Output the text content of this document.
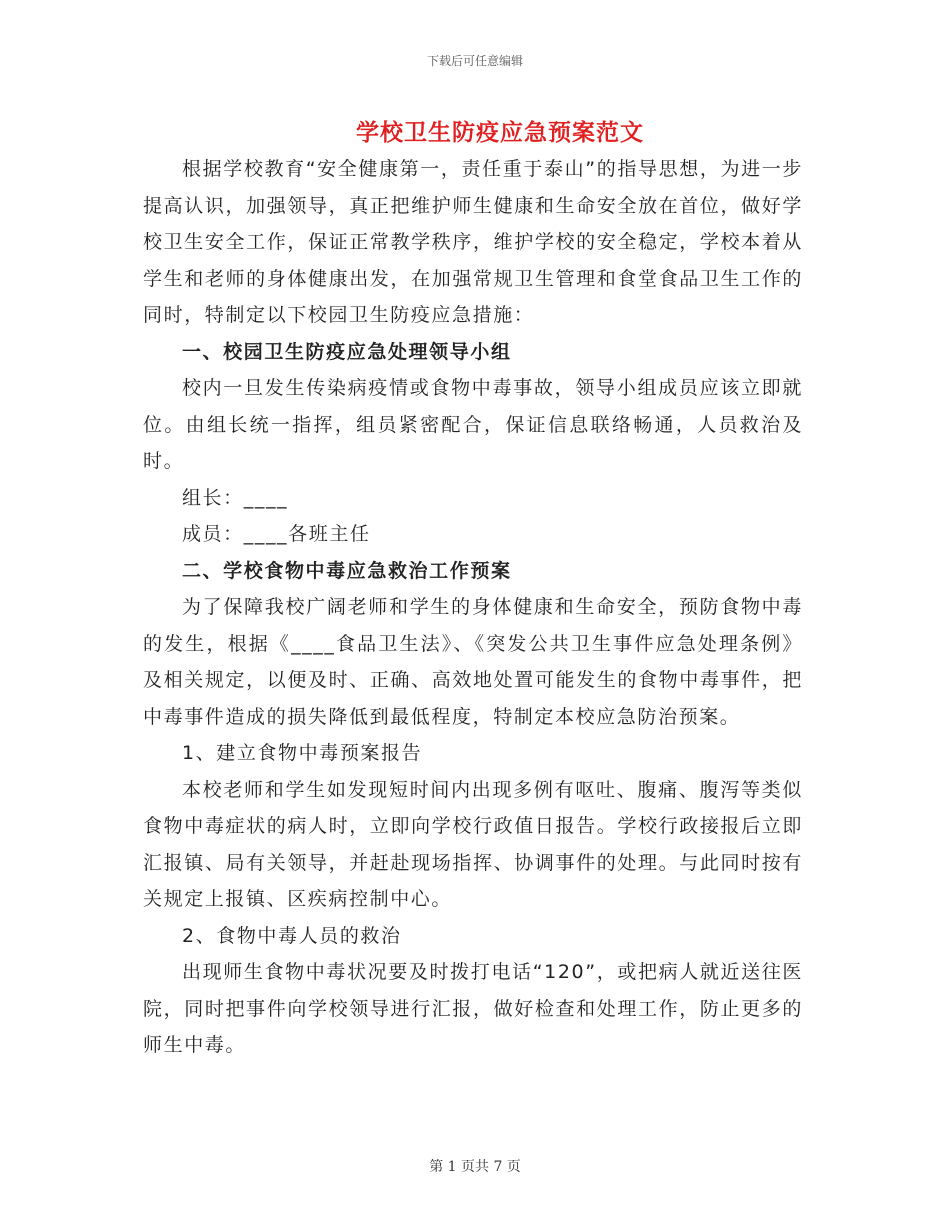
下载后可任意编辑
学校卫生防疫应急预案范文

根据学校教育“安全健康第一，责任重于泰山”的指导思想，为进一步提高认识，加强领导，真正把维护师生健康和生命安全放在首位，做好学校卫生安全工作，保证正常教学秩序，维护学校的安全稳定，学校本着从学生和老师的身体健康出发，在加强常规卫生管理和食堂食品卫生工作的同时，特制定以下校园卫生防疫应急措施：

一、校园卫生防疫应急处理领导小组

校内一旦发生传染病疫情或食物中毒事故，领导小组成员应该立即就位。由组长统一指挥，组员紧密配合，保证信息联络畅通，人员救治及时。

组长：____

成员：____各班主任

二、学校食物中毒应急救治工作预案

为了保障我校广阔老师和学生的身体健康和生命安全，预防食物中毒的发生，根据《____食品卫生法》、《突发公共卫生事件应急处理条例》及相关规定，以便及时、正确、高效地处置可能发生的食物中毒事件，把中毒事件造成的损失降低到最低程度，特制定本校应急防治预案。

1、建立食物中毒预案报告

本校老师和学生如发现短时间内出现多例有呕吐、腹痛、腹泻等类似食物中毒症状的病人时，立即向学校行政值日报告。学校行政接报后立即汇报镇、局有关领导，并赶赴现场指挥、协调事件的处理。与此同时按有关规定上报镇、区疾病控制中心。

2、食物中毒人员的救治

出现师生食物中毒状况要及时拨打电话“120”，或把病人就近送往医院，同时把事件向学校领导进行汇报，做好检查和处理工作，防止更多的师生中毒。

第 1 页共 7 页
